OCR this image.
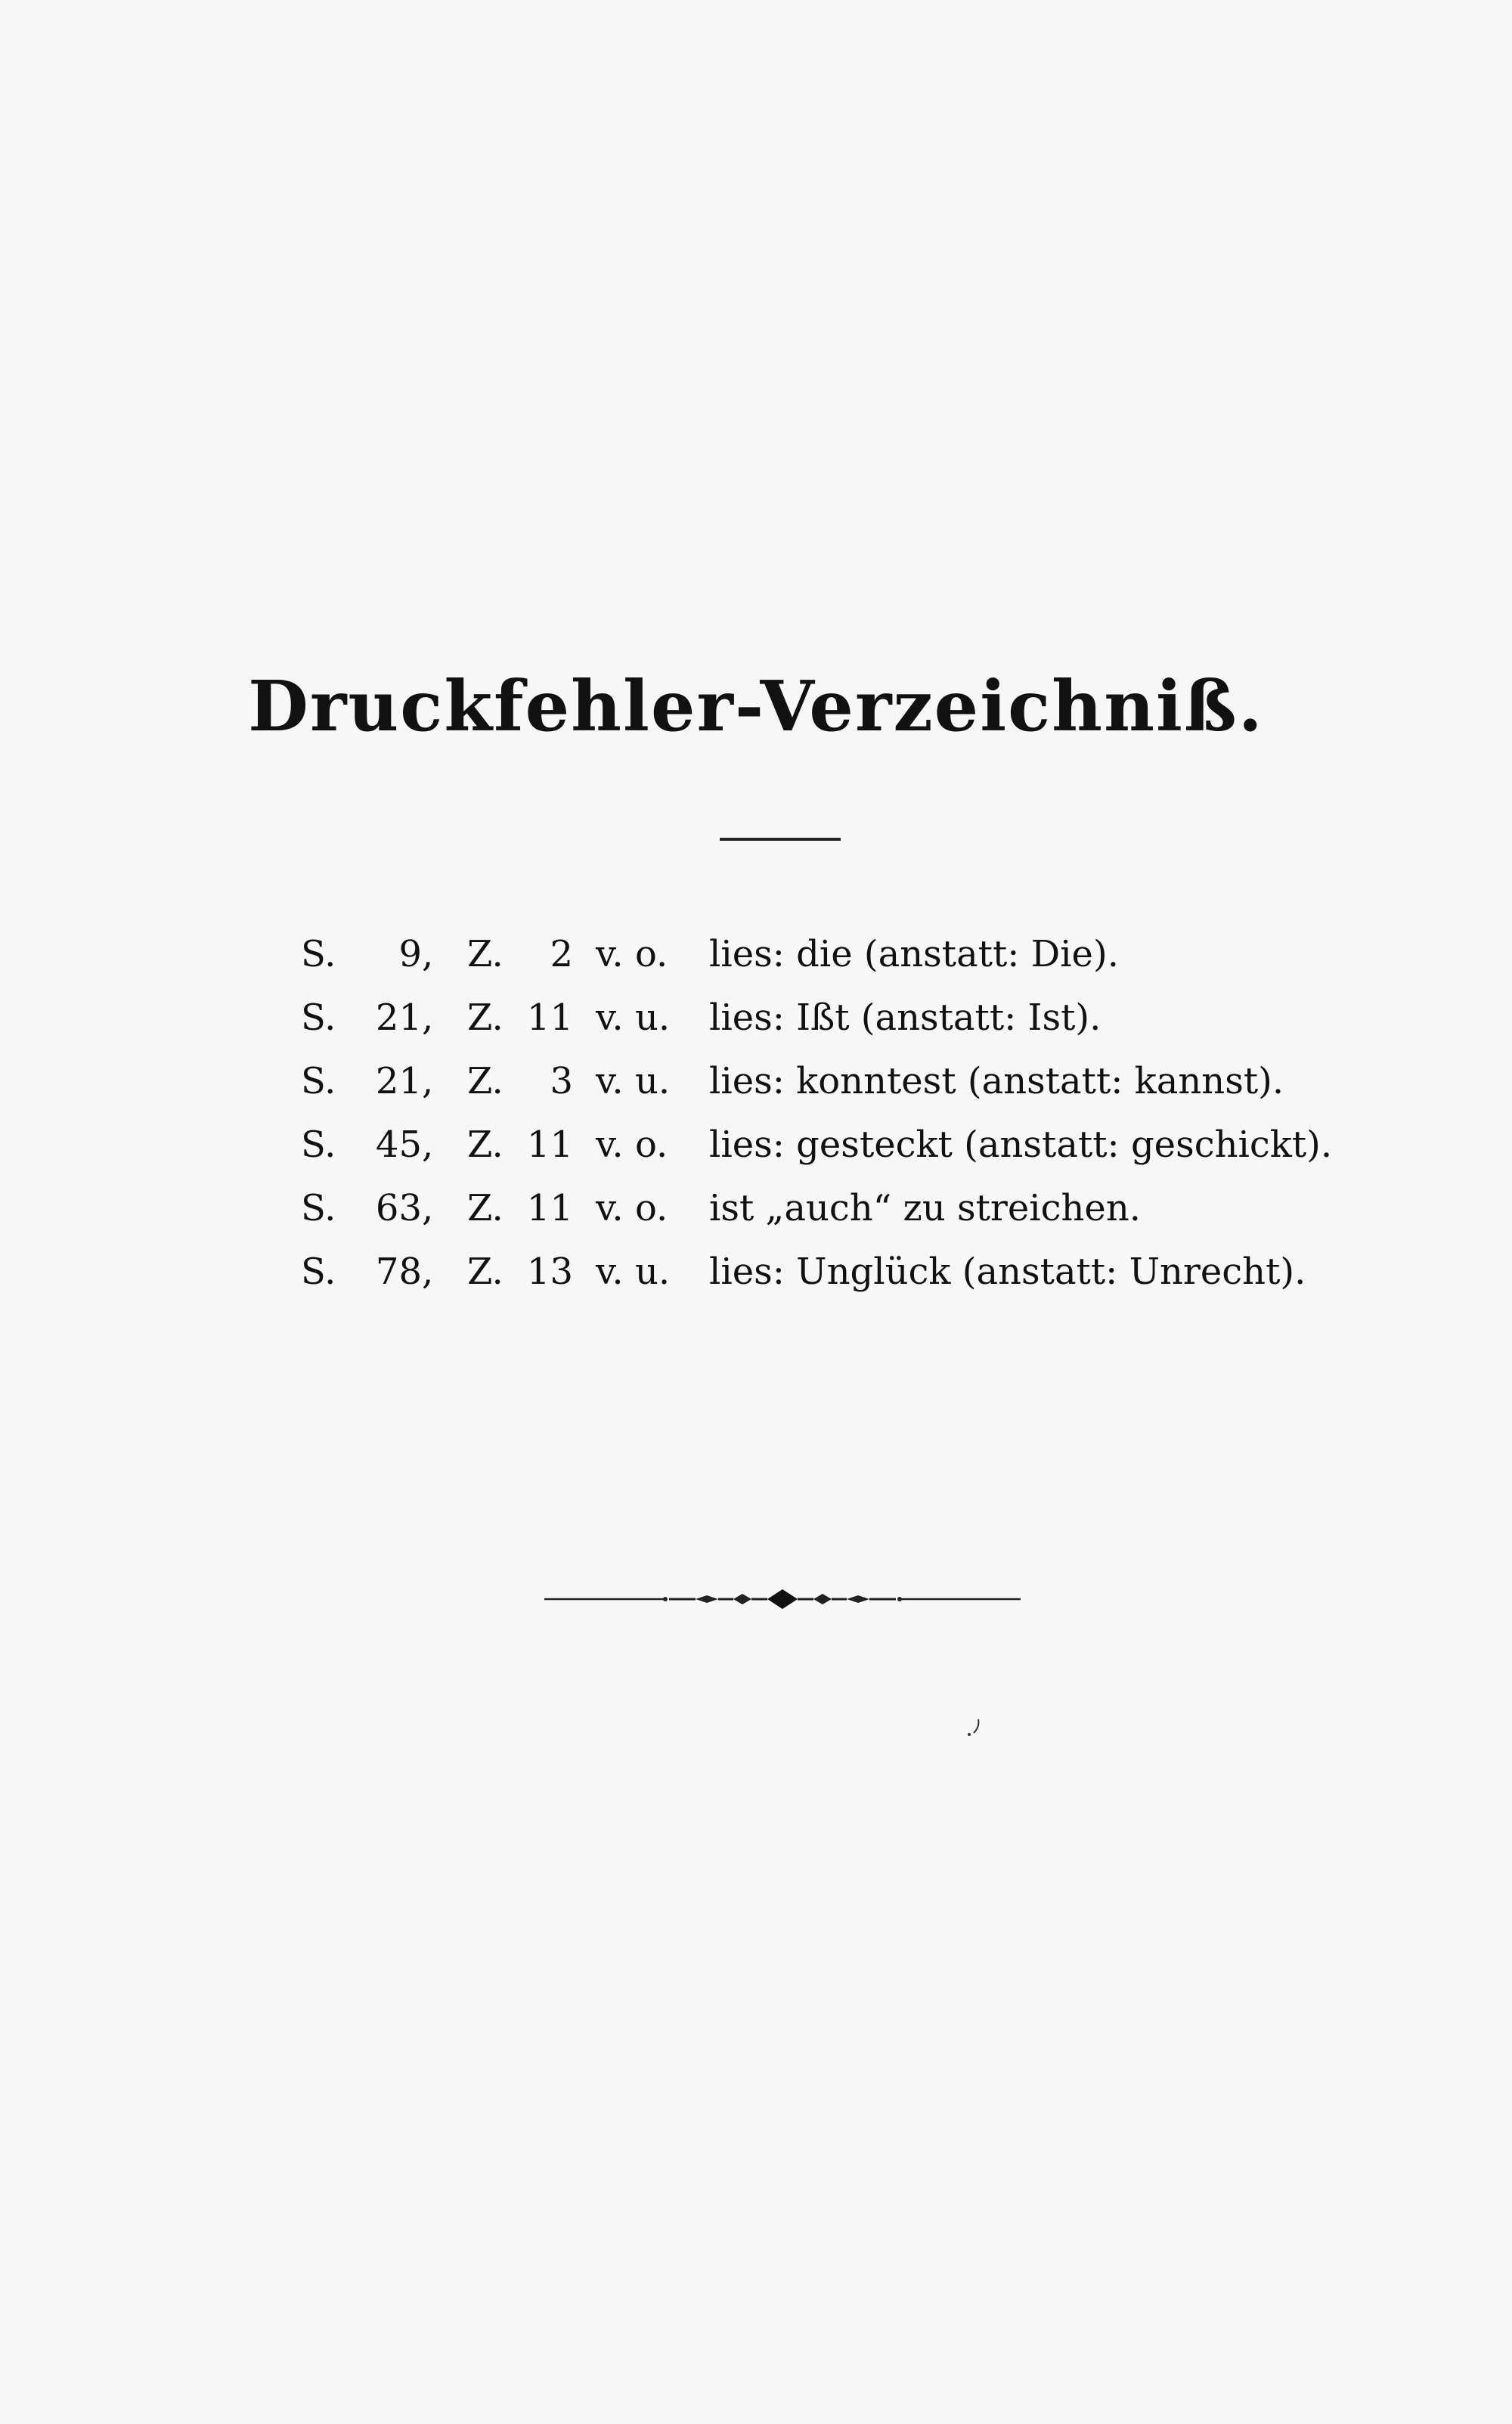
Druckfehler-Verzeichniß.
S.	9 , Z.	2 v. o.	lies: die (anstatt: Die).
S.	21 , Z. 11 v. u.	lies: Ißt (anstatt: Ist).
S.	21 , Z.	3 v. u.	lies: konntest (anstatt: kannst).
S.	45 , Z. 11 v. o.	lies: gesteckt (anstatt: geschickt).
S.	63 , Z. 11 v. o.	ist „auch“ zu streichen.
S.	78 , Z. 13 v. u.	lies: Unglück (anstatt: Unrecht).
